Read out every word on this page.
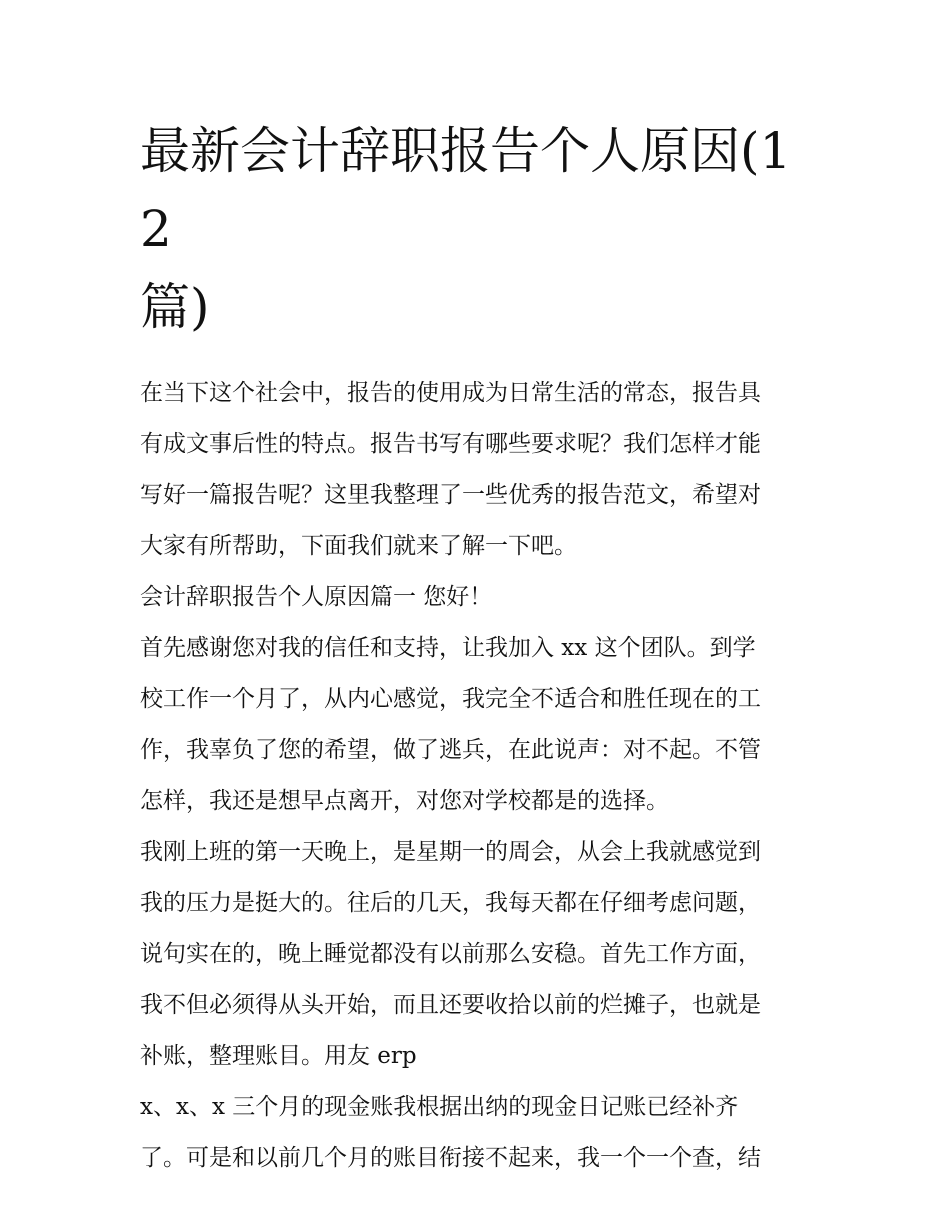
最新会计辞职报告个人原因(12
篇)
在当下这个社会中，报告的使用成为日常生活的常态，报告具
有成文事后性的特点。报告书写有哪些要求呢？我们怎样才能
写好一篇报告呢？这里我整理了一些优秀的报告范文，希望对
大家有所帮助，下面我们就来了解一下吧。
会计辞职报告个人原因篇一 您好！
首先感谢您对我的信任和支持，让我加入 xx 这个团队。到学
校工作一个月了，从内心感觉，我完全不适合和胜任现在的工
作，我辜负了您的希望，做了逃兵，在此说声：对不起。不管
怎样，我还是想早点离开，对您对学校都是的选择。
我刚上班的第一天晚上，是星期一的周会，从会上我就感觉到
我的压力是挺大的。往后的几天，我每天都在仔细考虑问题，
说句实在的，晚上睡觉都没有以前那么安稳。首先工作方面，
我不但必须得从头开始，而且还要收拾以前的烂摊子，也就是
补账，整理账目。用友 erp
x、x、x 三个月的现金账我根据出纳的现金日记账已经补齐
了。可是和以前几个月的账目衔接不起来，我一个一个查，结
